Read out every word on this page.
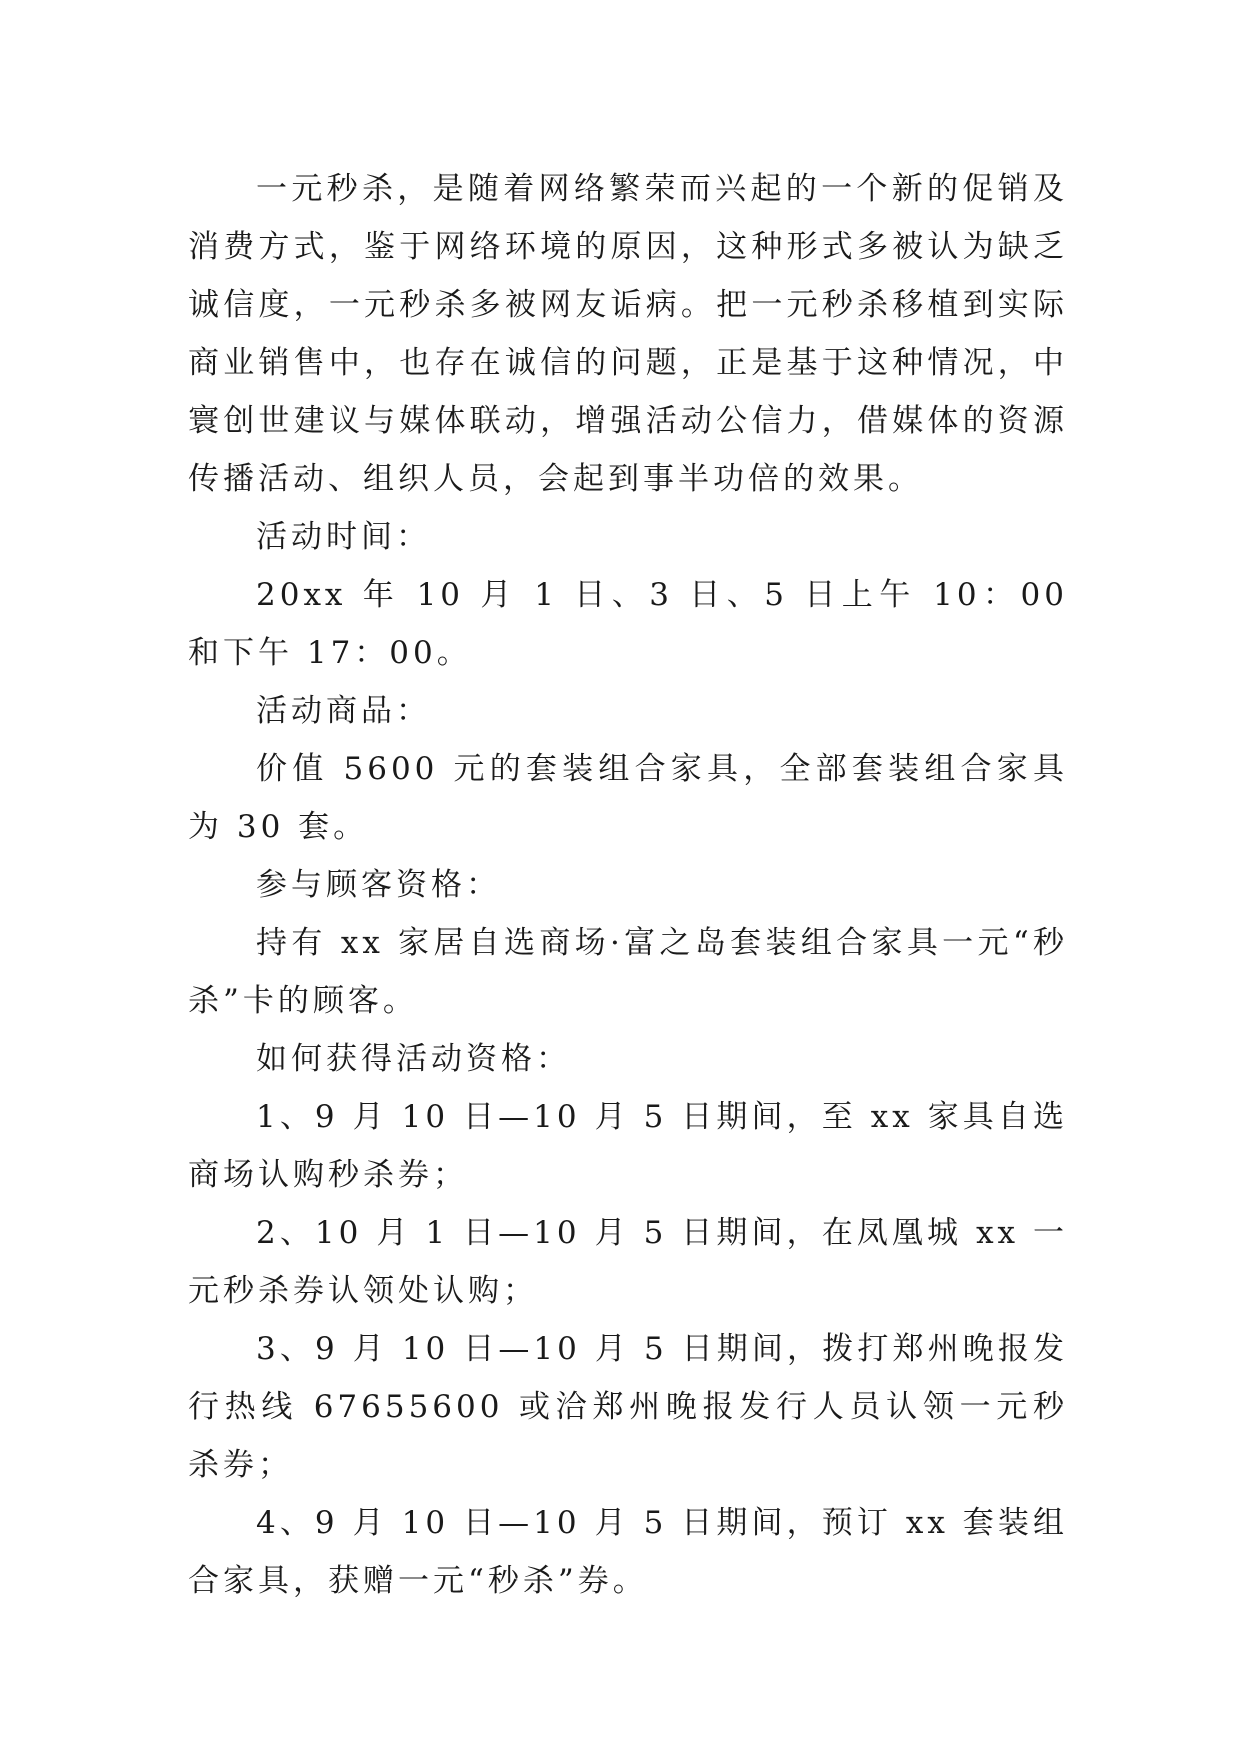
一元秒杀，是随着网络繁荣而兴起的一个新的促销及消费方式，鉴于网络环境的原因，这种形式多被认为缺乏诚信度，一元秒杀多被网友诟病。把一元秒杀移植到实际商业销售中，也存在诚信的问题，正是基于这种情况，中寰创世建议与媒体联动，增强活动公信力，借媒体的资源传播活动、组织人员，会起到事半功倍的效果。

活动时间：

20xx 年 10 月 1 日、3 日、5 日上午 10：00 和下午 17：00。

活动商品：

价值 5600 元的套装组合家具，全部套装组合家具为 30 套。

参与顾客资格：

持有 xx 家居自选商场·富之岛套装组合家具一元“秒杀”卡的顾客。

如何获得活动资格：

1、9 月 10 日—10 月 5 日期间，至 xx 家具自选商场认购秒杀券；

2、10 月 1 日—10 月 5 日期间，在凤凰城 xx 一元秒杀券认领处认购；

3、9 月 10 日—10 月 5 日期间，拨打郑州晚报发行热线 67655600 或洽郑州晚报发行人员认领一元秒杀券；

4、9 月 10 日—10 月 5 日期间，预订 xx 套装组合家具，获赠一元“秒杀”券。
